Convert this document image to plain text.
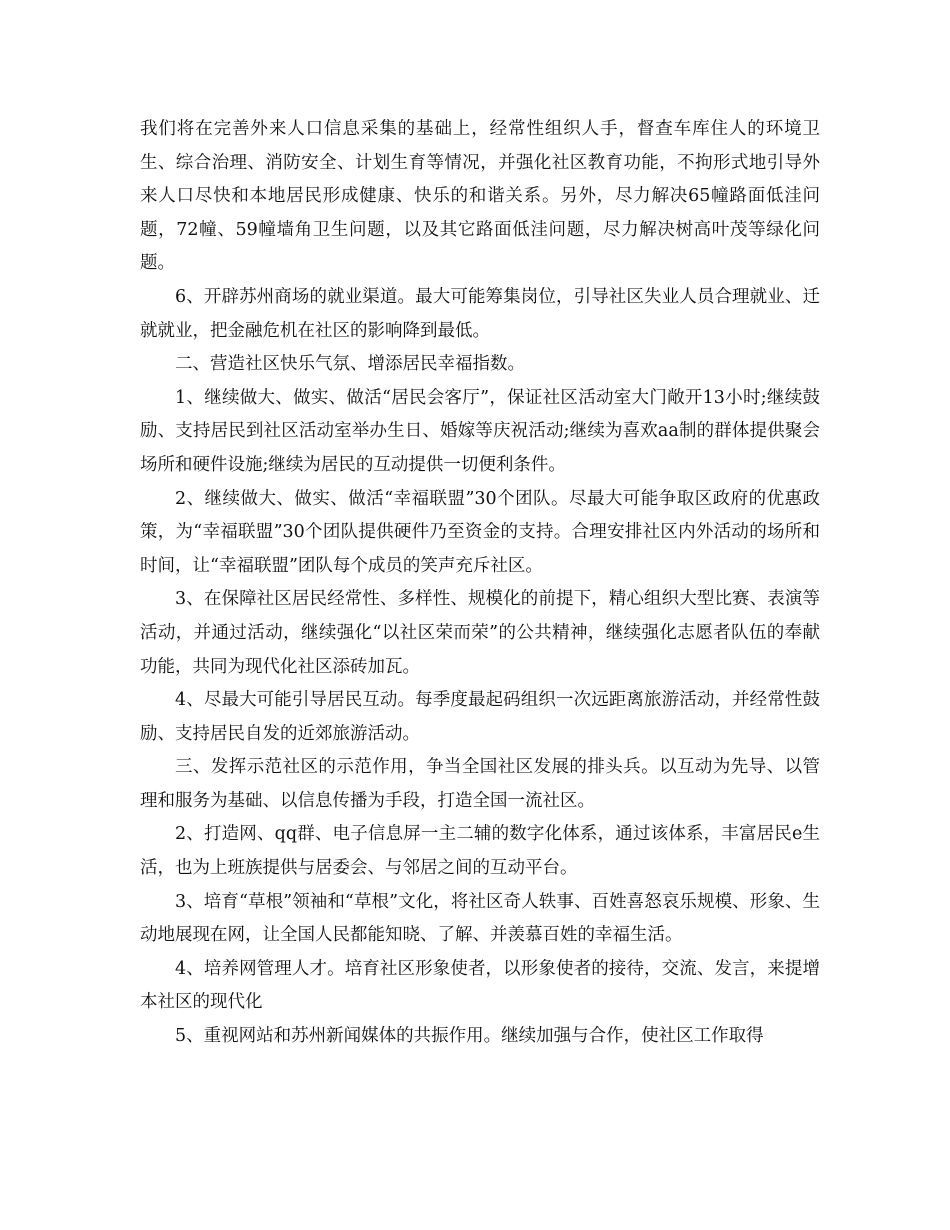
我们将在完善外来人口信息采集的基础上，经常性组织人手，督查车库住人的环境卫生、综合治理、消防安全、计划生育等情况，并强化社区教育功能，不拘形式地引导外来人口尽快和本地居民形成健康、快乐的和谐关系。另外，尽力解决65幢路面低洼问题，72幢、59幢墙角卫生问题，以及其它路面低洼问题，尽力解决树高叶茂等绿化问题。

6、开辟苏州商场的就业渠道。最大可能筹集岗位，引导社区失业人员合理就业、迁就就业，把金融危机在社区的影响降到最低。

二、营造社区快乐气氛、增添居民幸福指数。

1、继续做大、做实、做活“居民会客厅”，保证社区活动室大门敞开13小时;继续鼓励、支持居民到社区活动室举办生日、婚嫁等庆祝活动;继续为喜欢aa制的群体提供聚会场所和硬件设施;继续为居民的互动提供一切便利条件。

2、继续做大、做实、做活“幸福联盟”30个团队。尽最大可能争取区政府的优惠政策，为“幸福联盟”30个团队提供硬件乃至资金的支持。合理安排社区内外活动的场所和时间，让“幸福联盟”团队每个成员的笑声充斥社区。

3、在保障社区居民经常性、多样性、规模化的前提下，精心组织大型比赛、表演等活动，并通过活动，继续强化“以社区荣而荣”的公共精神，继续强化志愿者队伍的奉献功能，共同为现代化社区添砖加瓦。

4、尽最大可能引导居民互动。每季度最起码组织一次远距离旅游活动，并经常性鼓励、支持居民自发的近郊旅游活动。

三、发挥示范社区的示范作用，争当全国社区发展的排头兵。以互动为先导、以管理和服务为基础、以信息传播为手段，打造全国一流社区。

2、打造网、qq群、电子信息屏一主二辅的数字化体系，通过该体系，丰富居民e生活，也为上班族提供与居委会、与邻居之间的互动平台。

3、培育“草根”领袖和“草根”文化，将社区奇人轶事、百姓喜怒哀乐规模、形象、生动地展现在网，让全国人民都能知晓、了解、并羡慕百姓的幸福生活。

4、培养网管理人才。培育社区形象使者，以形象使者的接待，交流、发言，来提增本社区的现代化

5、重视网站和苏州新闻媒体的共振作用。继续加强与合作，使社区工作取得
